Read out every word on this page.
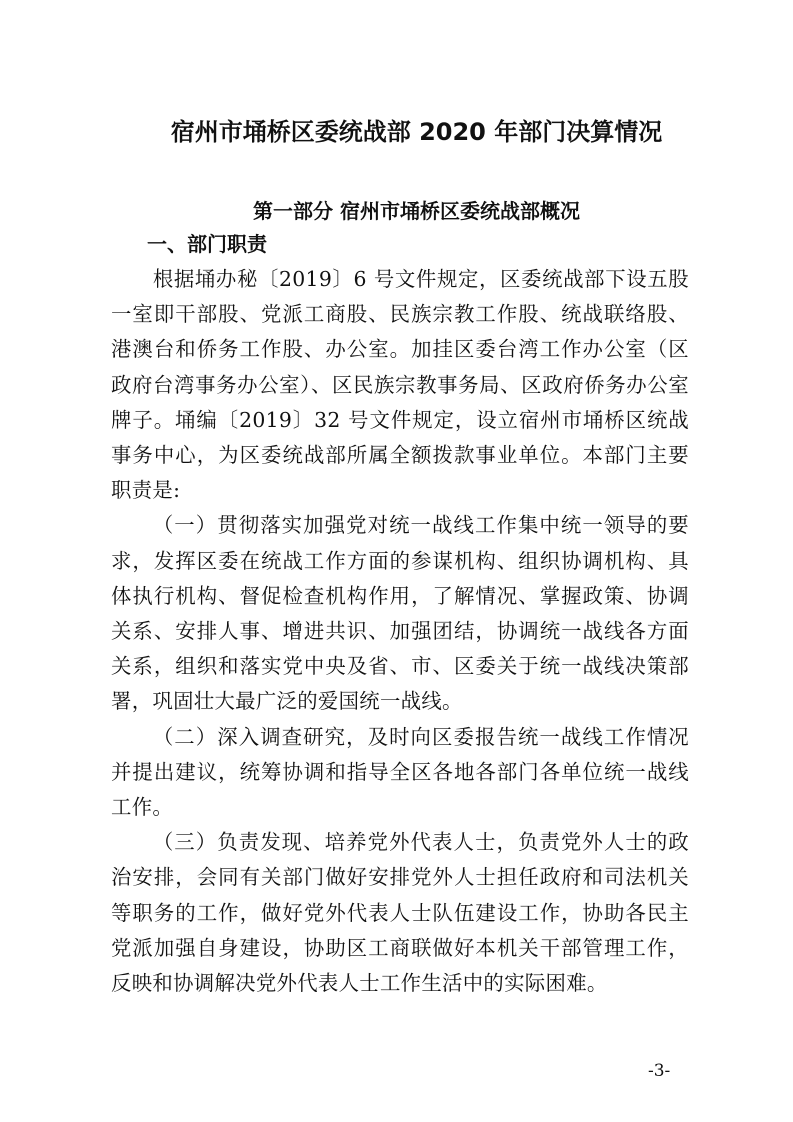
宿州市埇桥区委统战部 2020 年部门决算情况
第一部分 宿州市埇桥区委统战部概况
一、部门职责

根据埇办秘〔2019〕6 号文件规定，区委统战部下设五股一室即干部股、党派工商股、民族宗教工作股、统战联络股、港澳台和侨务工作股、办公室。加挂区委台湾工作办公室（区政府台湾事务办公室）、区民族宗教事务局、区政府侨务办公室牌子。埇编〔2019〕32 号文件规定，设立宿州市埇桥区统战事务中心，为区委统战部所属全额拨款事业单位。本部门主要职责是:

（一）贯彻落实加强党对统一战线工作集中统一领导的要求，发挥区委在统战工作方面的参谋机构、组织协调机构、具体执行机构、督促检查机构作用，了解情况、掌握政策、协调关系、安排人事、增进共识、加强团结，协调统一战线各方面关系，组织和落实党中央及省、市、区委关于统一战线决策部署，巩固壮大最广泛的爱国统一战线。

（二）深入调查研究，及时向区委报告统一战线工作情况并提出建议，统筹协调和指导全区各地各部门各单位统一战线工作。

（三）负责发现、培养党外代表人士，负责党外人士的政治安排，会同有关部门做好安排党外人士担任政府和司法机关等职务的工作，做好党外代表人士队伍建设工作，协助各民主党派加强自身建设，协助区工商联做好本机关干部管理工作，反映和协调解决党外代表人士工作生活中的实际困难。

-3-
